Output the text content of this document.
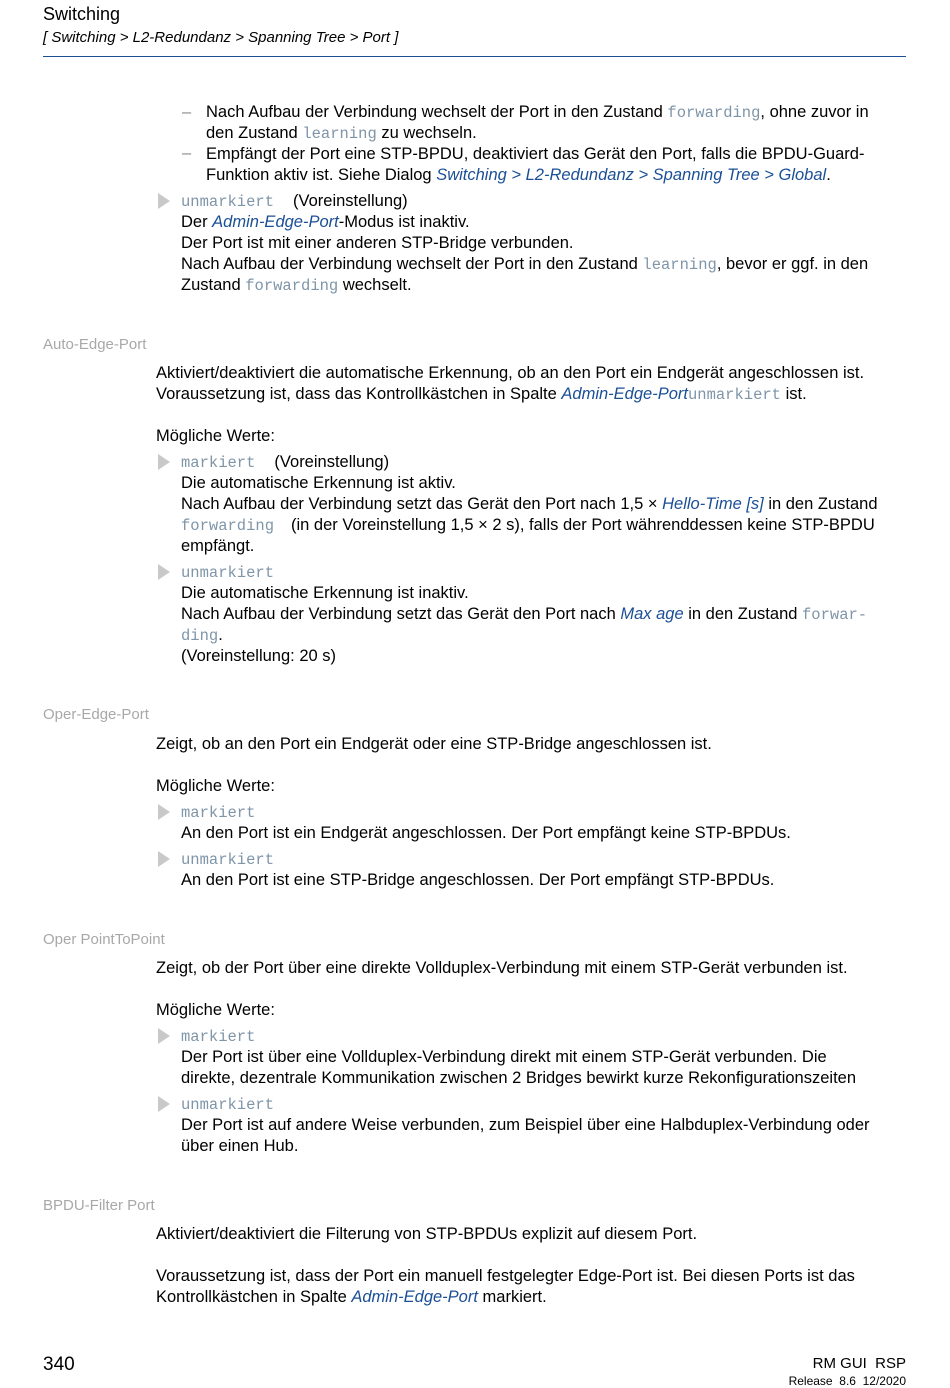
Switching
[ Switching > L2-Redundanz > Spanning Tree > Port ]
– Nach Aufbau der Verbindung wechselt der Port in den Zustand forwarding, ohne zuvor in
den Zustand learning zu wechseln.
– Empfängt der Port eine STP-BPDU, deaktiviert das Gerät den Port, falls die BPDU-Guard-
Funktion aktiv ist. Siehe Dialog Switching > L2-Redundanz > Spanning Tree > Global.
unmarkiert (Voreinstellung)
Der Admin-Edge-Port-Modus ist inaktiv.
Der Port ist mit einer anderen STP-Bridge verbunden.
Nach Aufbau der Verbindung wechselt der Port in den Zustand learning, bevor er ggf. in den
Zustand forwarding wechselt.
Auto-Edge-Port
Aktiviert/deaktiviert die automatische Erkennung, ob an den Port ein Endgerät angeschlossen ist.
Voraussetzung ist, dass das Kontrollkästchen in Spalte Admin-Edge-Portunmarkiert ist.
Mögliche Werte:
markiert (Voreinstellung)
Die automatische Erkennung ist aktiv.
Nach Aufbau der Verbindung setzt das Gerät den Port nach 1,5 × Hello-Time [s] in den Zustand
forwarding (in der Voreinstellung 1,5 × 2 s), falls der Port währenddessen keine STP-BPDU
empfängt.
unmarkiert
Die automatische Erkennung ist inaktiv.
Nach Aufbau der Verbindung setzt das Gerät den Port nach Max age in den Zustand forwar-
ding.
(Voreinstellung: 20 s)
Oper-Edge-Port
Zeigt, ob an den Port ein Endgerät oder eine STP-Bridge angeschlossen ist.
Mögliche Werte:
markiert
An den Port ist ein Endgerät angeschlossen. Der Port empfängt keine STP-BPDUs.
unmarkiert
An den Port ist eine STP-Bridge angeschlossen. Der Port empfängt STP-BPDUs.
Oper PointToPoint
Zeigt, ob der Port über eine direkte Vollduplex-Verbindung mit einem STP-Gerät verbunden ist.
Mögliche Werte:
markiert
Der Port ist über eine Vollduplex-Verbindung direkt mit einem STP-Gerät verbunden. Die
direkte, dezentrale Kommunikation zwischen 2 Bridges bewirkt kurze Rekonfigurationszeiten
unmarkiert
Der Port ist auf andere Weise verbunden, zum Beispiel über eine Halbduplex-Verbindung oder
über einen Hub.
BPDU-Filter Port
Aktiviert/deaktiviert die Filterung von STP-BPDUs explizit auf diesem Port.
Voraussetzung ist, dass der Port ein manuell festgelegter Edge-Port ist. Bei diesen Ports ist das
Kontrollkästchen in Spalte Admin-Edge-Port markiert.
340	RM GUI  RSP
Release  8.6  12/2020
